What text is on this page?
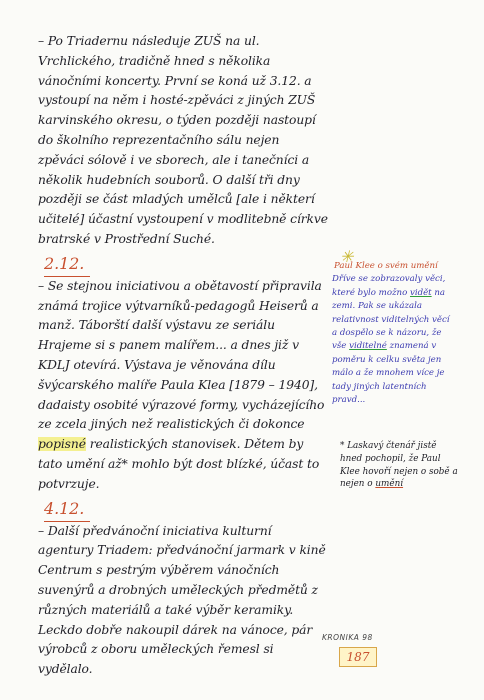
– Po Triadernu následuje ZUŠ na ul. Vrchlického, tradičně hned s několika vánočními koncerty. První se koná už 3.12. a vystoupí na něm i hosté-zpěváci z jiných ZUŠ karvinského okresu, o týden později nastoupí do školního reprezentačního sálu nejen zpěváci sólově i ve sborech, ale i tanečníci a několik hudebních souborů. O další tři dny později se část mladých umělců [ale i některí učitelé] účastní vystoupení v modlitebně církve bratrské v Prostřední Suché.

2.12.

– Se stejnou iniciativou a obětavostí připravila známá trojice výtvarníků-pedagogů Heiserů a manž. Táborští další výstavu ze seriálu Hrajeme si s panem malířem... a dnes již v KDLJ otevírá. Výstava je věnována dílu švýcarského malíře Paula Klea [1879 – 1940], dadaisty osobité výrazové formy, vycházejícího ze zcela jiných než realistických či dokonce popisné realistických stanovisek. Dětem by tato umění až* mohlo být dost blízké, účast to potvrzuje.

4.12.

– Další předvánoční iniciativa kulturní agentury Triadem: předvánoční jarmark v kině Centrum s pestrým výběrem vánočních suvenýrů a drobných uměleckých předmětů z různých materiálů a také výběr keramiky. Leckdo dobře nakoupil dárek na vánoce, pár výrobců z oboru uměleckých řemesl si vydělalo.

✳
Paul Klee o svém umění
Dříve se zobrazovaly věci, které bylo možno vidět na zemi. Pak se ukázala relativnost viditelných věcí a dospělo se k názoru, že vše viditelné znamená v poměru k celku světa jen málo a že mnohem více je tady jiných latentních pravd...
* Laskavý čtenář jistě hned pochopil, že Paul Klee hovoří nejen o sobě a nejen o umění
KRONIKA 98
187
